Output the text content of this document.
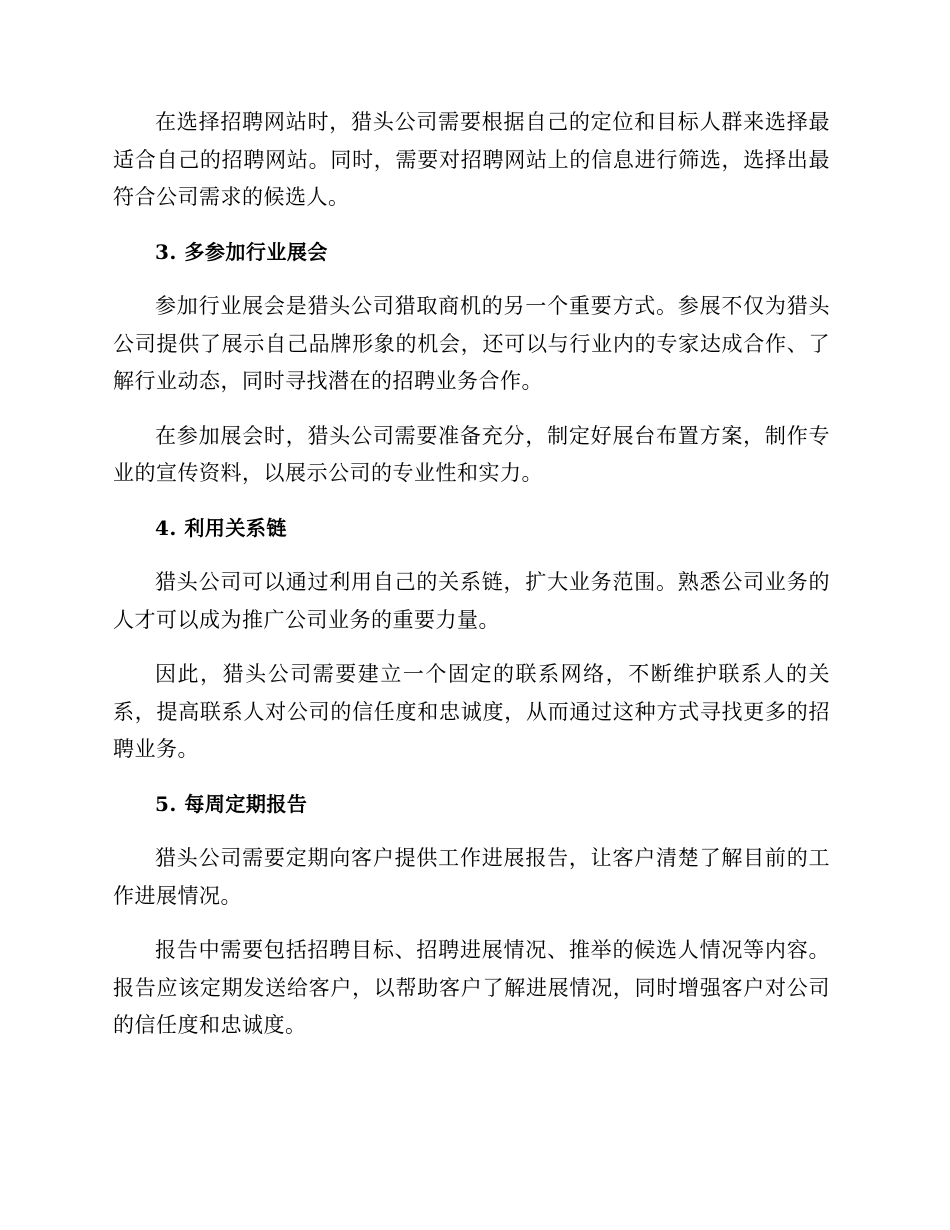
在选择招聘网站时，猎头公司需要根据自己的定位和目标人群来选择最适合自己的招聘网站。同时，需要对招聘网站上的信息进行筛选，选择出最符合公司需求的候选人。

3. 多参加行业展会

参加行业展会是猎头公司猎取商机的另一个重要方式。参展不仅为猎头公司提供了展示自己品牌形象的机会，还可以与行业内的专家达成合作、了解行业动态，同时寻找潜在的招聘业务合作。

在参加展会时，猎头公司需要准备充分，制定好展台布置方案，制作专业的宣传资料，以展示公司的专业性和实力。

4. 利用关系链

猎头公司可以通过利用自己的关系链，扩大业务范围。熟悉公司业务的人才可以成为推广公司业务的重要力量。

因此，猎头公司需要建立一个固定的联系网络，不断维护联系人的关系，提高联系人对公司的信任度和忠诚度，从而通过这种方式寻找更多的招聘业务。

5. 每周定期报告

猎头公司需要定期向客户提供工作进展报告，让客户清楚了解目前的工作进展情况。

报告中需要包括招聘目标、招聘进展情况、推举的候选人情况等内容。报告应该定期发送给客户，以帮助客户了解进展情况，同时增强客户对公司的信任度和忠诚度。
